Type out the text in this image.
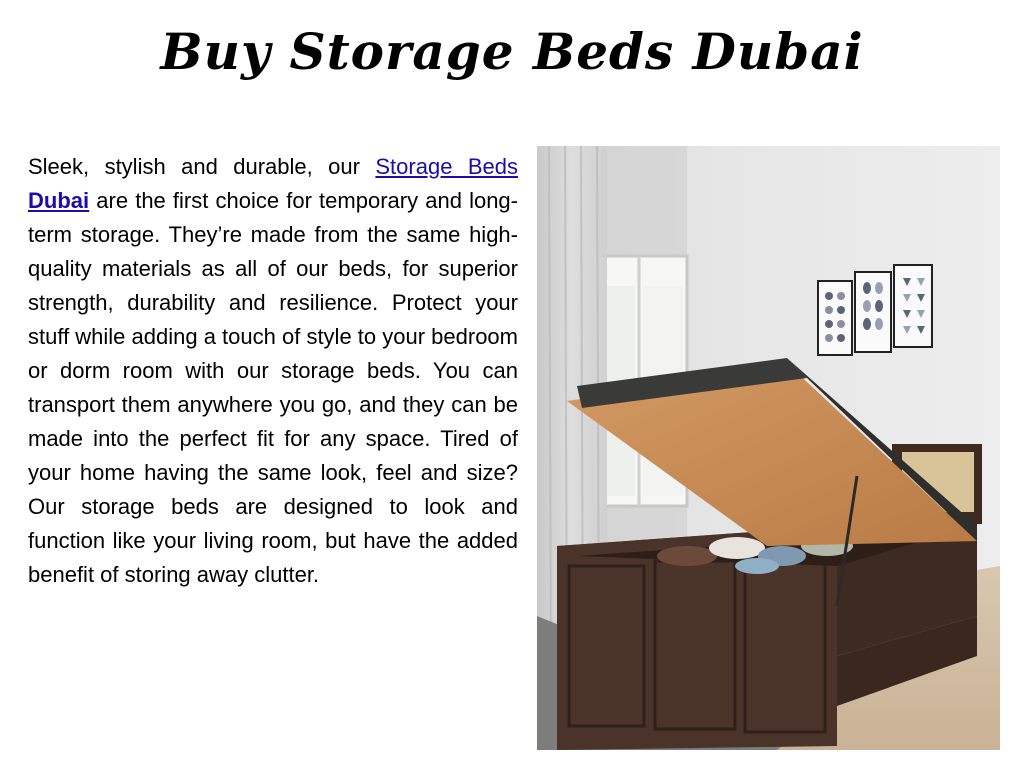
Buy Storage Beds Dubai

Sleek, stylish and durable, our Storage Beds Dubai are the first choice for temporary and long-term storage. They’re made from the same high-quality materials as all of our beds, for superior strength, durability and resilience. Protect your stuff while adding a touch of style to your bedroom or dorm room with our storage beds. You can transport them anywhere you go, and they can be made into the perfect fit for any space. Tired of your home having the same look, feel and size? Our storage beds are designed to look and function like your living room, but have the added benefit of storing away clutter.
